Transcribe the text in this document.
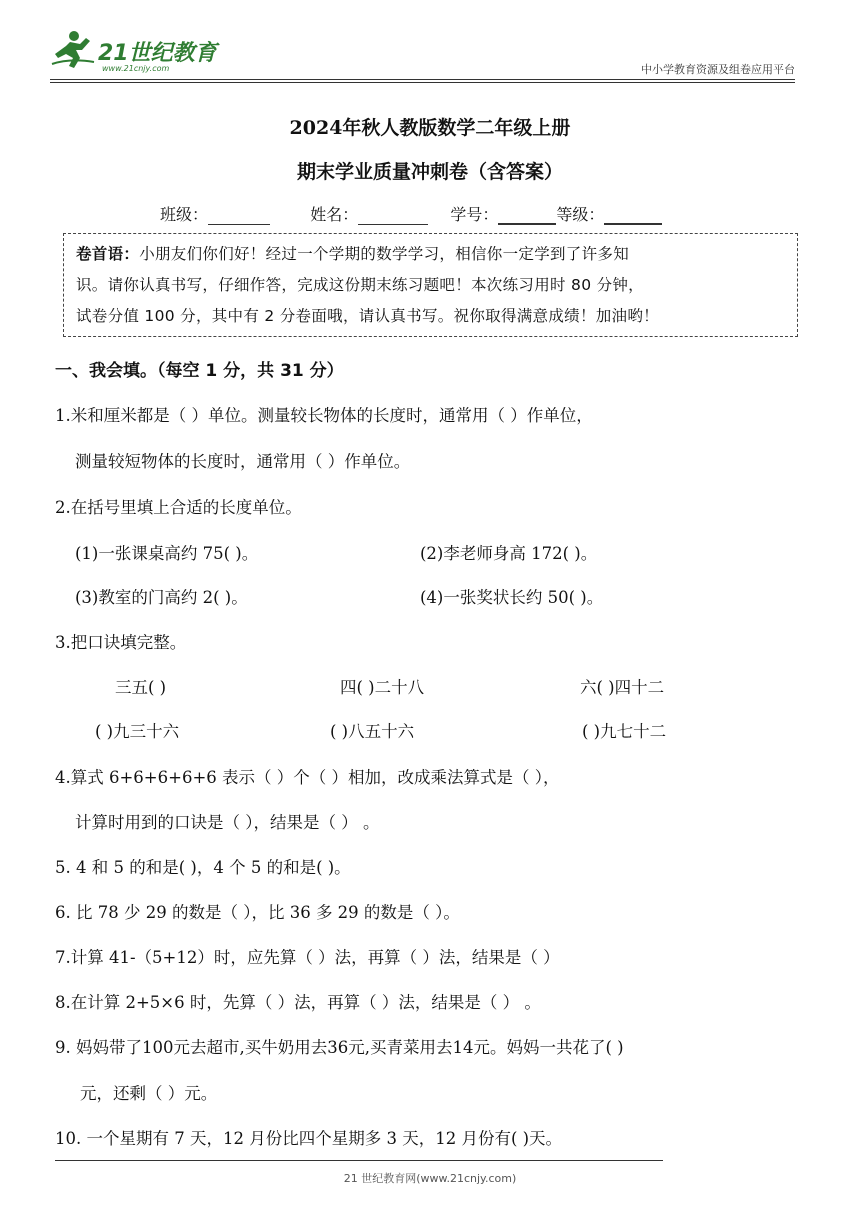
21世纪教育
www.21cnjy.com	中小学教育资源及组卷应用平台
2024年秋人教版数学二年级上册
期末学业质量冲刺卷（含答案）
班级：	姓名：	学号：	等级：
卷首语：小朋友们你们好！经过一个学期的数学学习，相信你一定学到了许多知
识。请你认真书写，仔细作答，完成这份期末练习题吧！本次练习用时 80 分钟，
试卷分值 100 分，其中有 2 分卷面哦，请认真书写。祝你取得满意成绩！加油哟！
一、我会填。（每空 1 分，共 31 分）
1.米和厘米都是（ ）单位。测量较长物体的长度时，通常用（ ）作单位，
测量较短物体的长度时，通常用（ ）作单位。
2.在括号里填上合适的长度单位。
(1)一张课桌高约 75( )。	(2)李老师身高 172( )。
(3)教室的门高约 2( )。	(4)一张奖状长约 50( )。
3.把口诀填完整。
三五( )	四( )二十八	六( )四十二
( )九三十六	( )八五十六	( )九七十二
4.算式 6+6+6+6+6 表示（ ）个（ ）相加，改成乘法算式是（ ），
计算时用到的口诀是（ ），结果是（ ） 。
5. 4 和 5 的和是( )，4 个 5 的和是( )。
6. 比 78 少 29 的数是（ ），比 36 多 29 的数是（ ）。
7.计算 41-（5+12）时，应先算（ ）法，再算（ ）法，结果是（ ）
8.在计算 2+5×6 时，先算（ ）法，再算（ ）法，结果是（ ） 。
9. 妈妈带了100元去超市,买牛奶用去36元,买青菜用去14元。妈妈一共花了( )
元，还剩（ ）元。
10. 一个星期有 7 天，12 月份比四个星期多 3 天，12 月份有( )天。
21 世纪教育网(www.21cnjy.com)
